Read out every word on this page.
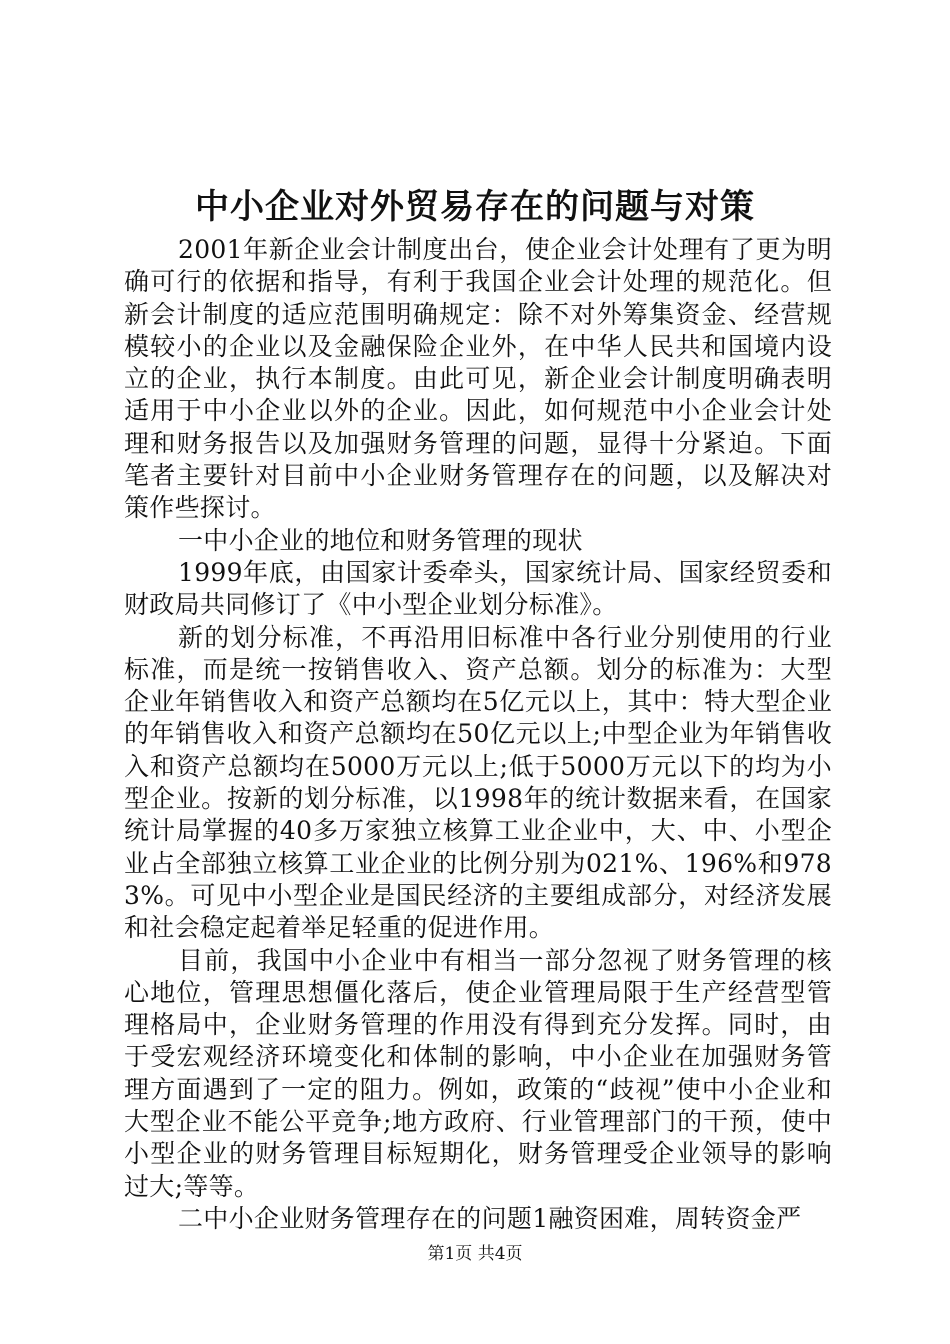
中小企业对外贸易存在的问题与对策

2001年新企业会计制度出台，使企业会计处理有了更为明确可行的依据和指导，有利于我国企业会计处理的规范化。但新会计制度的适应范围明确规定：除不对外筹集资金、经营规模较小的企业以及金融保险企业外，在中华人民共和国境内设立的企业，执行本制度。由此可见，新企业会计制度明确表明适用于中小企业以外的企业。因此，如何规范中小企业会计处理和财务报告以及加强财务管理的问题，显得十分紧迫。下面笔者主要针对目前中小企业财务管理存在的问题，以及解决对策作些探讨。

一中小企业的地位和财务管理的现状

1999年底，由国家计委牵头，国家统计局、国家经贸委和财政局共同修订了《中小型企业划分标准》。

新的划分标准，不再沿用旧标准中各行业分别使用的行业标准，而是统一按销售收入、资产总额。划分的标准为：大型企业年销售收入和资产总额均在5亿元以上，其中：特大型企业的年销售收入和资产总额均在50亿元以上;中型企业为年销售收入和资产总额均在5000万元以上;低于5000万元以下的均为小型企业。按新的划分标准，以1998年的统计数据来看，在国家统计局掌握的40多万家独立核算工业企业中，大、中、小型企业占全部独立核算工业企业的比例分别为021%、196%和9783%。可见中小型企业是国民经济的主要组成部分，对经济发展和社会稳定起着举足轻重的促进作用。

目前，我国中小企业中有相当一部分忽视了财务管理的核心地位，管理思想僵化落后，使企业管理局限于生产经营型管理格局中，企业财务管理的作用没有得到充分发挥。同时，由于受宏观经济环境变化和体制的影响，中小企业在加强财务管理方面遇到了一定的阻力。例如，政策的“歧视”使中小企业和大型企业不能公平竞争;地方政府、行业管理部门的干预，使中小型企业的财务管理目标短期化，财务管理受企业领导的影响过大;等等。

二中小企业财务管理存在的问题1融资困难，周转资金严

第1页 共4页
